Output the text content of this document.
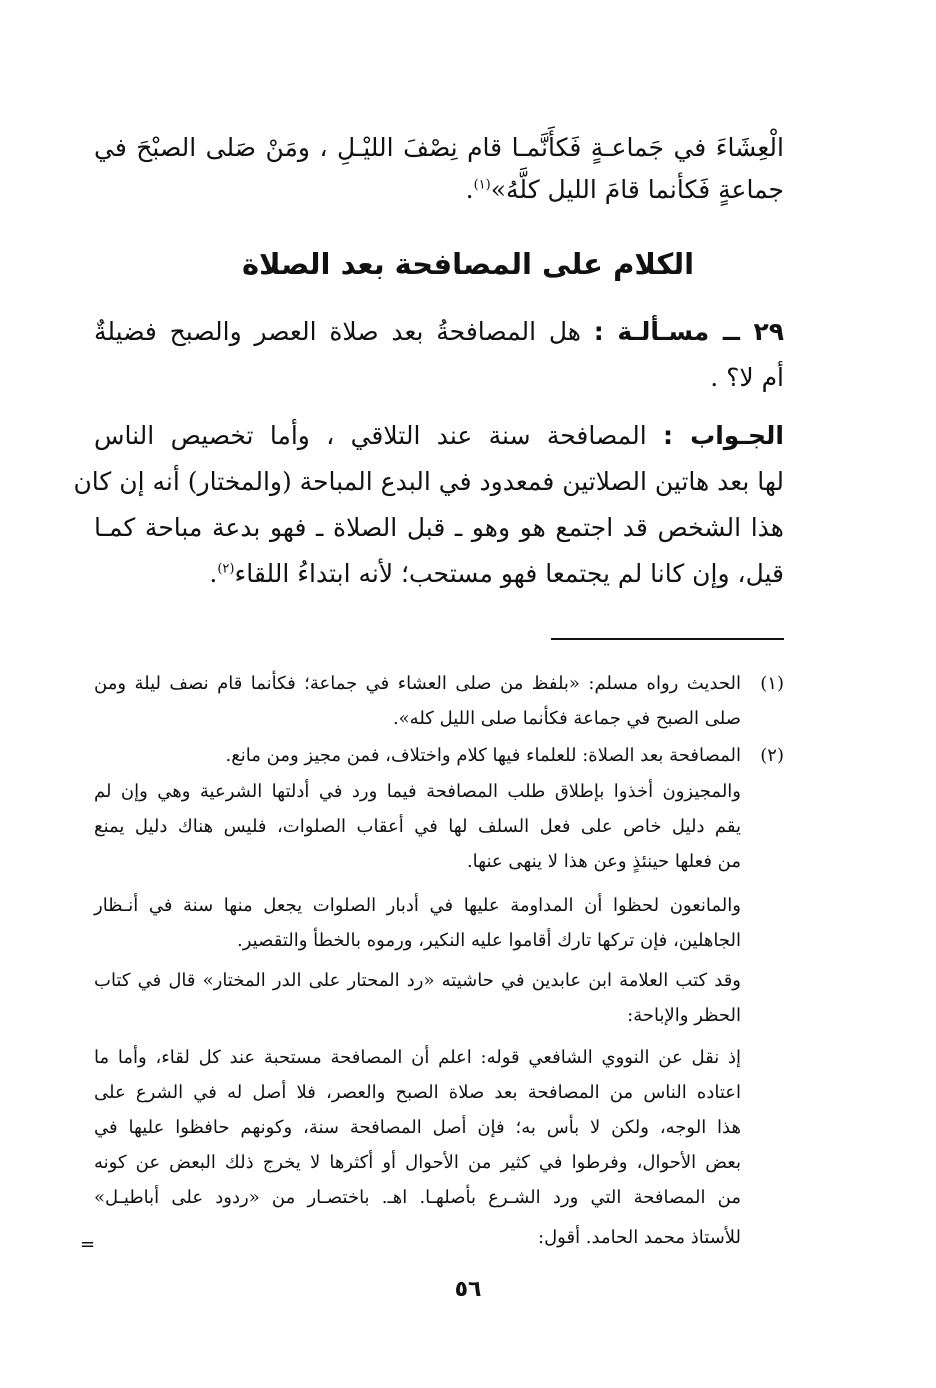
الْعِشَاءَ في جَماعـةٍ فَكأَنَّمـا قام نِصْفَ الليْـلِ ، ومَنْ صَلى الصبْحَ في
جماعةٍ فَكأنما قامَ الليل كلَّهُ»$^{(١)}$.
الكلام على المصافحة بعد الصلاة
٢٩ ــ مسـألـة : هل المصافحةُ بعد صلاة العصر والصبح فضيلةٌ
أم لا؟ .
الجـواب : المصافحة سنة عند التلاقي ، وأما تخصيص الناس
لها بعد هاتين الصلاتين فمعدود في البدع المباحة (والمختار) أنه إن كان
هذا الشخص قد اجتمع هو وهو ـ قبل الصلاة ـ فهو بدعة مباحة كمـا
قيل، وإن كانا لم يجتمعا فهو مستحب؛ لأنه ابتداءُ اللقاء$^{(٢)}$.
(١)
الحديث رواه مسلم: «بلفظ من صلى العشاء في جماعة؛ فكأنما قام نصف ليلة ومن
صلى الصبح في جماعة فكأنما صلى الليل كله».
(٢)
المصافحة بعد الصلاة: للعلماء فيها كلام واختلاف، فمن مجيز ومن مانع.
والمجيزون أخذوا بإطلاق طلب المصافحة فيما ورد في أدلتها الشرعية وهي وإن لم
يقم دليل خاص على فعل السلف لها في أعقاب الصلوات، فليس هناك دليل يمنع
من فعلها حينئذٍ وعن هذا لا ينهى عنها.
والمانعون لحظوا أن المداومة عليها في أدبار الصلوات يجعل منها سنة في أنـظار
الجاهلين، فإن تركها تارك أقاموا عليه النكير، ورموه بالخطأ والتقصير.
وقد كتب العلامة ابن عابدين في حاشيته «رد المحتار على الدر المختار» قال في كتاب
الحظر والإباحة:
إذ نقل عن النووي الشافعي قوله: اعلم أن المصافحة مستحبة عند كل لقاء، وأما ما
اعتاده الناس من المصافحة بعد صلاة الصبح والعصر، فلا أصل له في الشرع على
هذا الوجه، ولكن لا بأس به؛ فإن أصل المصافحة سنة، وكونهم حافظوا عليها في
بعض الأحوال، وفرطوا في كثير من الأحوال أو أكثرها لا يخرج ذلك البعض عن كونه
من المصافحة التي ورد الشـرع بأصلهـا. اهـ. باختصـار من «ردود على أباطيـل»
للأستاذ محمد الحامد. أقول:
=
٥٦
